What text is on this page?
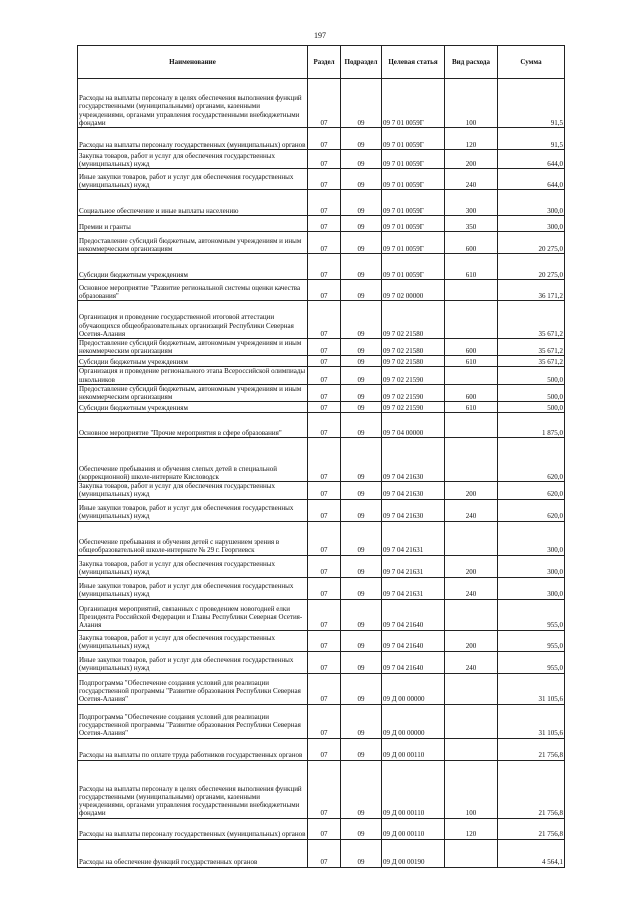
197
Наименование	Раздел	Подраздел	Целевая статья	Вид расхода	Сумма
Расходы на выплаты персоналу в целях обеспечения выполнения функций государственными (муниципальными) органами, казенными учреждениями, органами управления государственными внебюджетными фондами	07	09	09 7 01 0059Г	100	91,5
Расходы на выплаты персоналу государственных (муниципальных) органов	07	09	09 7 01 0059Г	120	91,5
Закупка товаров, работ и услуг для обеспечения государственных (муниципальных) нужд	07	09	09 7 01 0059Г	200	644,0
Иные закупки товаров, работ и услуг для обеспечения государственных (муниципальных) нужд	07	09	09 7 01 0059Г	240	644,0
Социальное обеспечение и иные выплаты населению	07	09	09 7 01 0059Г	300	300,0
Премии и гранты	07	09	09 7 01 0059Г	350	300,0
Предоставление субсидий бюджетным, автономным учреждениям и иным некоммерческим организациям	07	09	09 7 01 0059Г	600	20 275,0
Субсидии бюджетным учреждениям	07	09	09 7 01 0059Г	610	20 275,0
Основное мероприятие "Развитие региональной системы оценки качества образования"	07	09	09 7 02 00000		36 171,2
Организация и проведение государственной итоговой аттестации обучающихся общеобразовательных организаций Республики Северная Осетия-Алания	07	09	09 7 02 21580		35 671,2
Предоставление субсидий бюджетным, автономным учреждениям и иным некоммерческим организациям	07	09	09 7 02 21580	600	35 671,2
Субсидии бюджетным учреждениям	07	09	09 7 02 21580	610	35 671,2
Организация и проведение регионального этапа Всероссийской олимпиады школьников	07	09	09 7 02 21590		500,0
Предоставление субсидий бюджетным, автономным учреждениям и иным некоммерческим организациям	07	09	09 7 02 21590	600	500,0
Субсидии бюджетным учреждениям	07	09	09 7 02 21590	610	500,0
Основное мероприятие "Прочие мероприятия в сфере образования"	07	09	09 7 04 00000		1 875,0
Обеспечение пребывания и обучения слепых детей в специальной (коррекционной) школе-интернате Кисловодск	07	09	09 7 04 21630		620,0
Закупка товаров, работ и услуг для обеспечения государственных (муниципальных) нужд	07	09	09 7 04 21630	200	620,0
Иные закупки товаров, работ и услуг для обеспечения государственных (муниципальных) нужд	07	09	09 7 04 21630	240	620,0
Обеспечение пребывания и обучения детей с нарушением зрения в общеобразовательной школе-интернате № 29 г. Георгиевск	07	09	09 7 04 21631		300,0
Закупка товаров, работ и услуг для обеспечения государственных (муниципальных) нужд	07	09	09 7 04 21631	200	300,0
Иные закупки товаров, работ и услуг для обеспечения государственных (муниципальных) нужд	07	09	09 7 04 21631	240	300,0
Организация мероприятий, связанных с проведением новогодней елки Президента Российской Федерации и Главы Республики Северная Осетия-Алания	07	09	09 7 04 21640		955,0
Закупка товаров, работ и услуг для обеспечения государственных (муниципальных) нужд	07	09	09 7 04 21640	200	955,0
Иные закупки товаров, работ и услуг для обеспечения государственных (муниципальных) нужд	07	09	09 7 04 21640	240	955,0
Подпрограмма "Обеспечение создания условий для реализации государственной программы "Развитие образования Республики Северная Осетия-Алания"	07	09	09 Д 00 00000		31 105,6
Подпрограмма "Обеспечение создания условий для реализации государственной программы "Развитие образования Республики Северная Осетия-Алания"	07	09	09 Д 00 00000		31 105,6
Расходы на выплаты по оплате труда работников государственных органов	07	09	09 Д 00 00110		21 756,8
Расходы на выплаты персоналу в целях обеспечения выполнения функций государственными (муниципальными) органами, казенными учреждениями, органами управления государственными внебюджетными фондами	07	09	09 Д 00 00110	100	21 756,8
Расходы на выплаты персоналу государственных (муниципальных) органов	07	09	09 Д 00 00110	120	21 756,8
Расходы на обеспечение функций государственных органов	07	09	09 Д 00 00190		4 564,1
